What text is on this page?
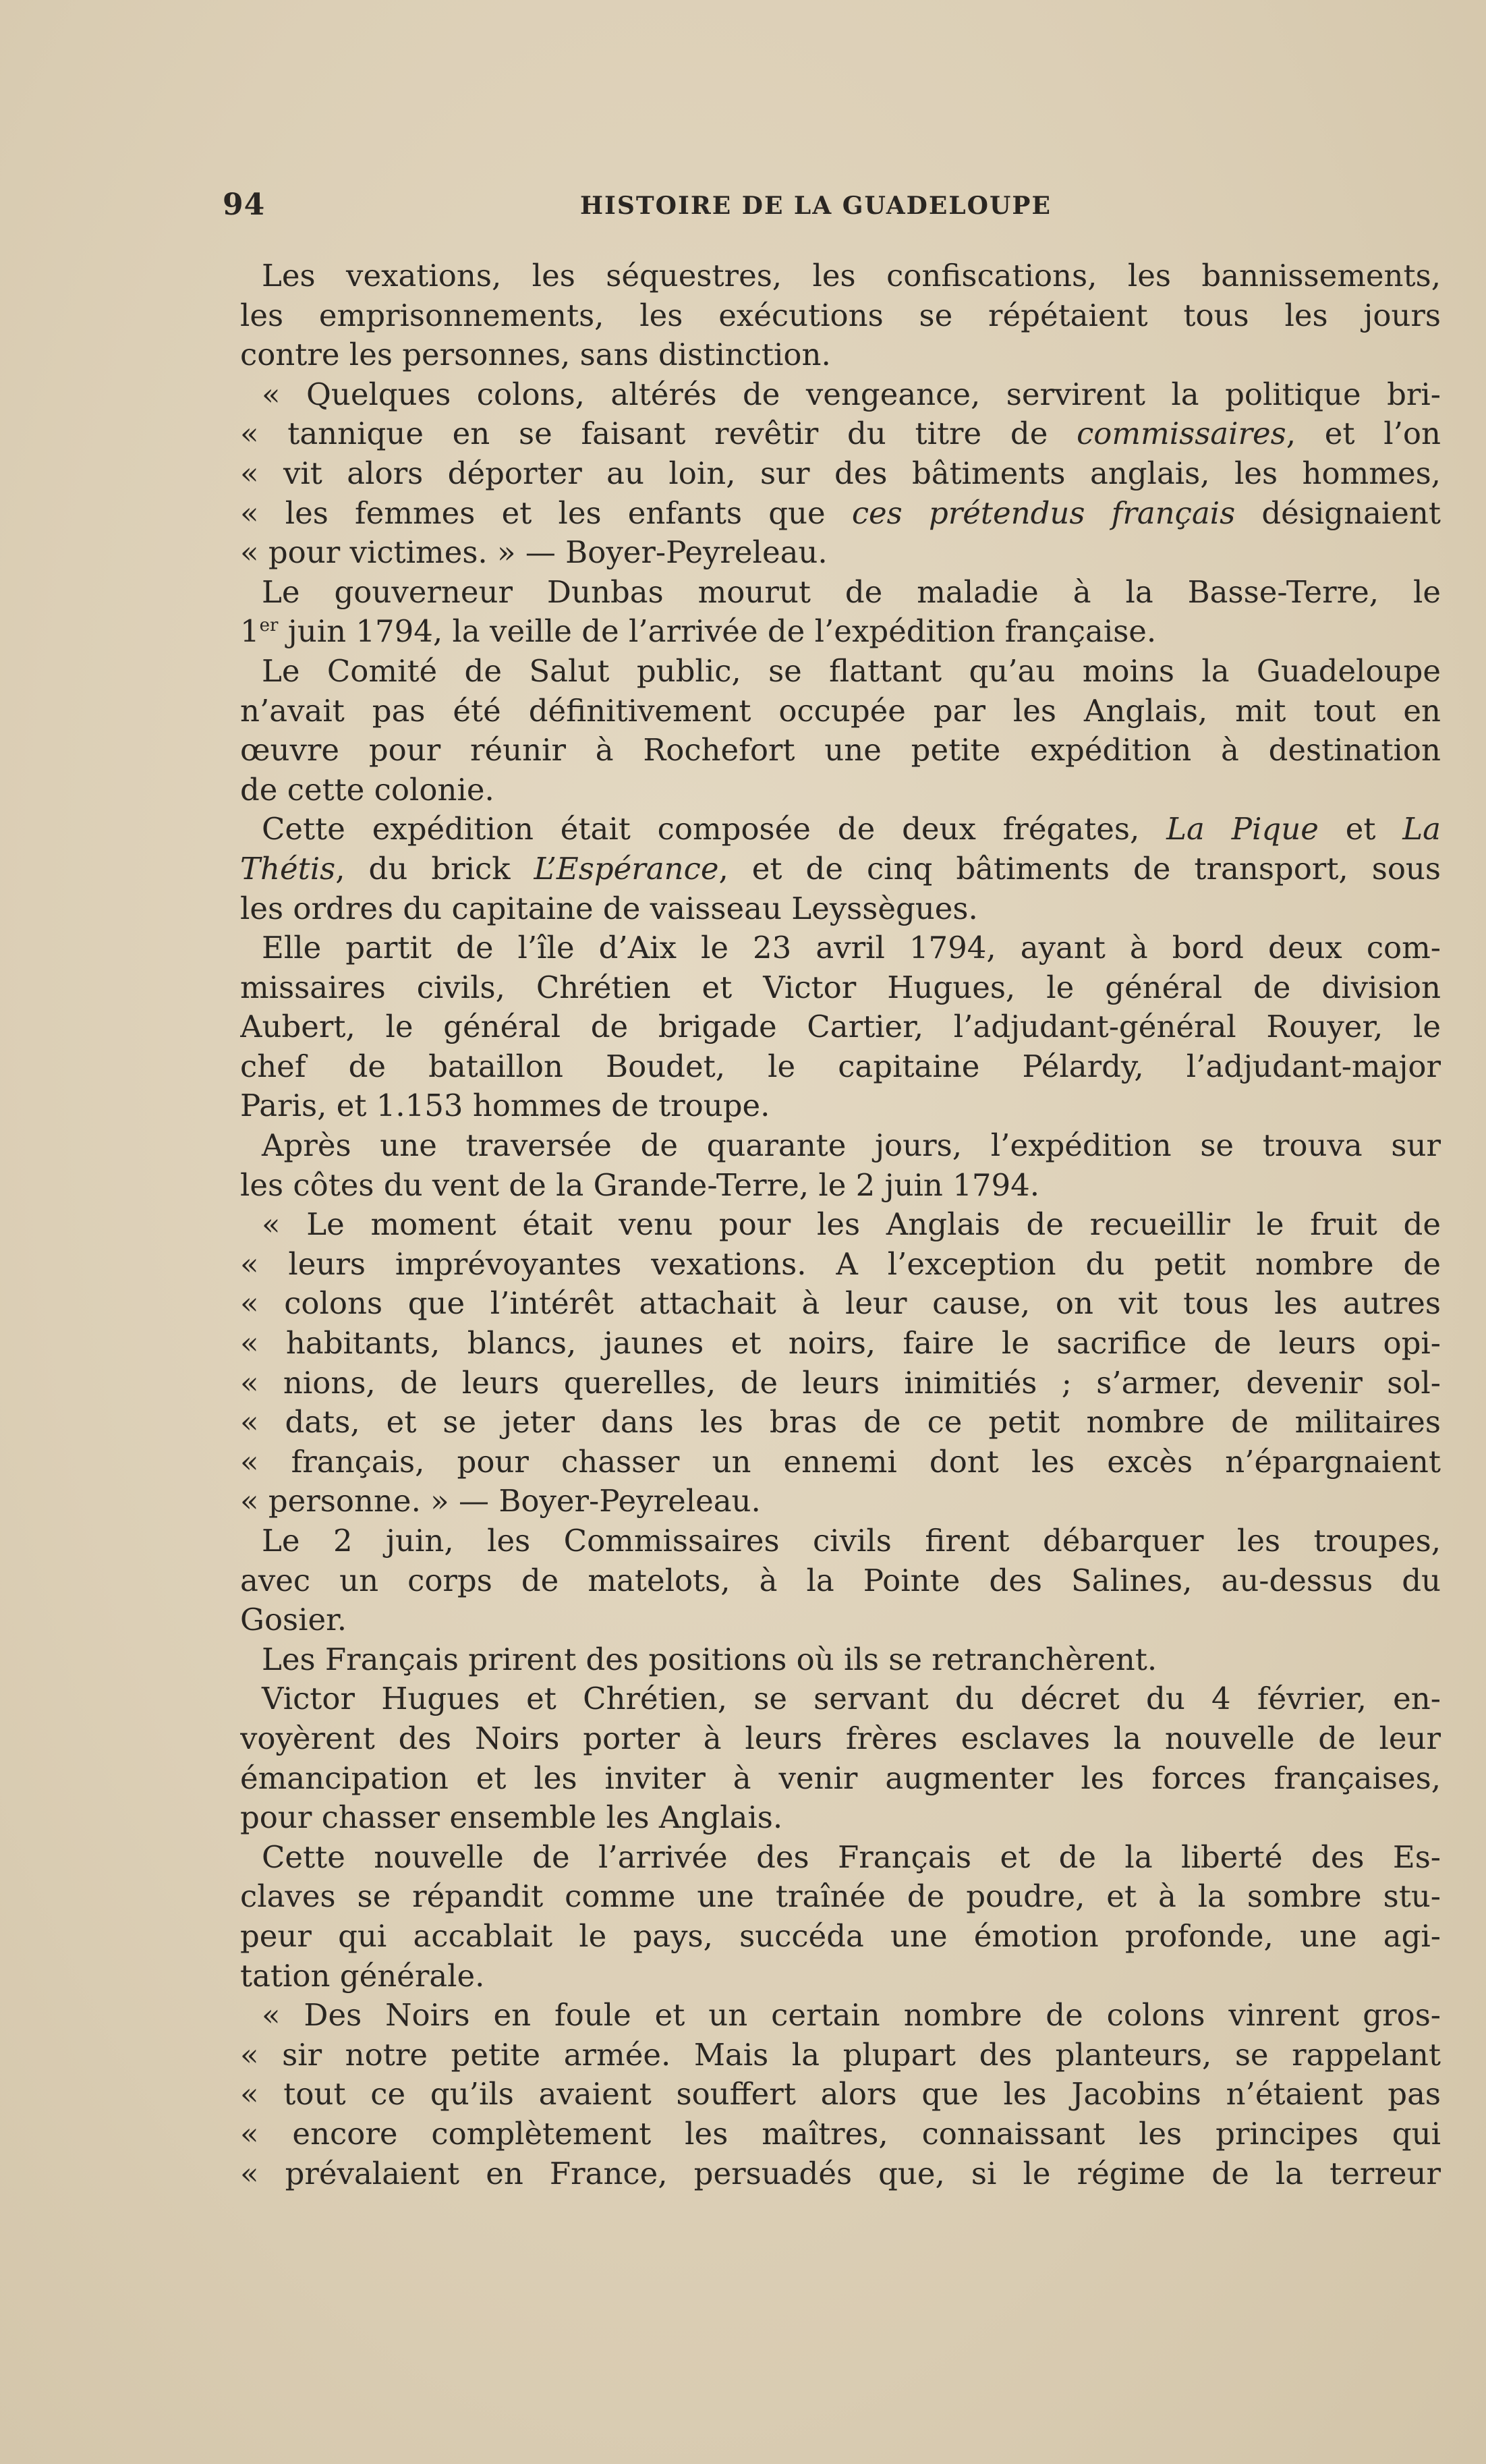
94	HISTOIRE DE LA GUADELOUPE
Les vexations, les séquestres, les confiscations, les bannissements,
les emprisonnements, les exécutions se répétaient tous les jours
contre les personnes, sans distinction.
« Quelques colons, altérés de vengeance, servirent la politique bri-
« tannique en se faisant revêtir du titre de commissaires, et l’on
« vit alors déporter au loin, sur des bâtiments anglais, les hommes,
« les femmes et les enfants que ces prétendus français désignaient
« pour victimes. » — Boyer-Peyreleau.
Le gouverneur Dunbas mourut de maladie à la Basse-Terre, le
1er juin 1794, la veille de l’arrivée de l’expédition française.
Le Comité de Salut public, se flattant qu’au moins la Guadeloupe
n’avait pas été définitivement occupée par les Anglais, mit tout en
œuvre pour réunir à Rochefort une petite expédition à destination
de cette colonie.
Cette expédition était composée de deux frégates, La Pique et La
Thétis, du brick L’Espérance, et de cinq bâtiments de transport, sous
les ordres du capitaine de vaisseau Leyssègues.
Elle partit de l’île d’Aix le 23 avril 1794, ayant à bord deux com-
missaires civils, Chrétien et Victor Hugues, le général de division
Aubert, le général de brigade Cartier, l’adjudant-général Rouyer, le
chef de bataillon Boudet, le capitaine Pélardy, l’adjudant-major
Paris, et 1.153 hommes de troupe.
Après une traversée de quarante jours, l’expédition se trouva sur
les côtes du vent de la Grande-Terre, le 2 juin 1794.
« Le moment était venu pour les Anglais de recueillir le fruit de
« leurs imprévoyantes vexations. A l’exception du petit nombre de
« colons que l’intérêt attachait à leur cause, on vit tous les autres
« habitants, blancs, jaunes et noirs, faire le sacrifice de leurs opi-
« nions, de leurs querelles, de leurs inimitiés ; s’armer, devenir sol-
« dats, et se jeter dans les bras de ce petit nombre de militaires
« français, pour chasser un ennemi dont les excès n’épargnaient
« personne. » — Boyer-Peyreleau.
Le 2 juin, les Commissaires civils firent débarquer les troupes,
avec un corps de matelots, à la Pointe des Salines, au-dessus du
Gosier.
Les Français prirent des positions où ils se retranchèrent.
Victor Hugues et Chrétien, se servant du décret du 4 février, en-
voyèrent des Noirs porter à leurs frères esclaves la nouvelle de leur
émancipation et les inviter à venir augmenter les forces françaises,
pour chasser ensemble les Anglais.
Cette nouvelle de l’arrivée des Français et de la liberté des Es-
claves se répandit comme une traînée de poudre, et à la sombre stu-
peur qui accablait le pays, succéda une émotion profonde, une agi-
tation générale.
« Des Noirs en foule et un certain nombre de colons vinrent gros-
« sir notre petite armée. Mais la plupart des planteurs, se rappelant
« tout ce qu’ils avaient souffert alors que les Jacobins n’étaient pas
« encore complètement les maîtres, connaissant les principes qui
« prévalaient en France, persuadés que, si le régime de la terreur
